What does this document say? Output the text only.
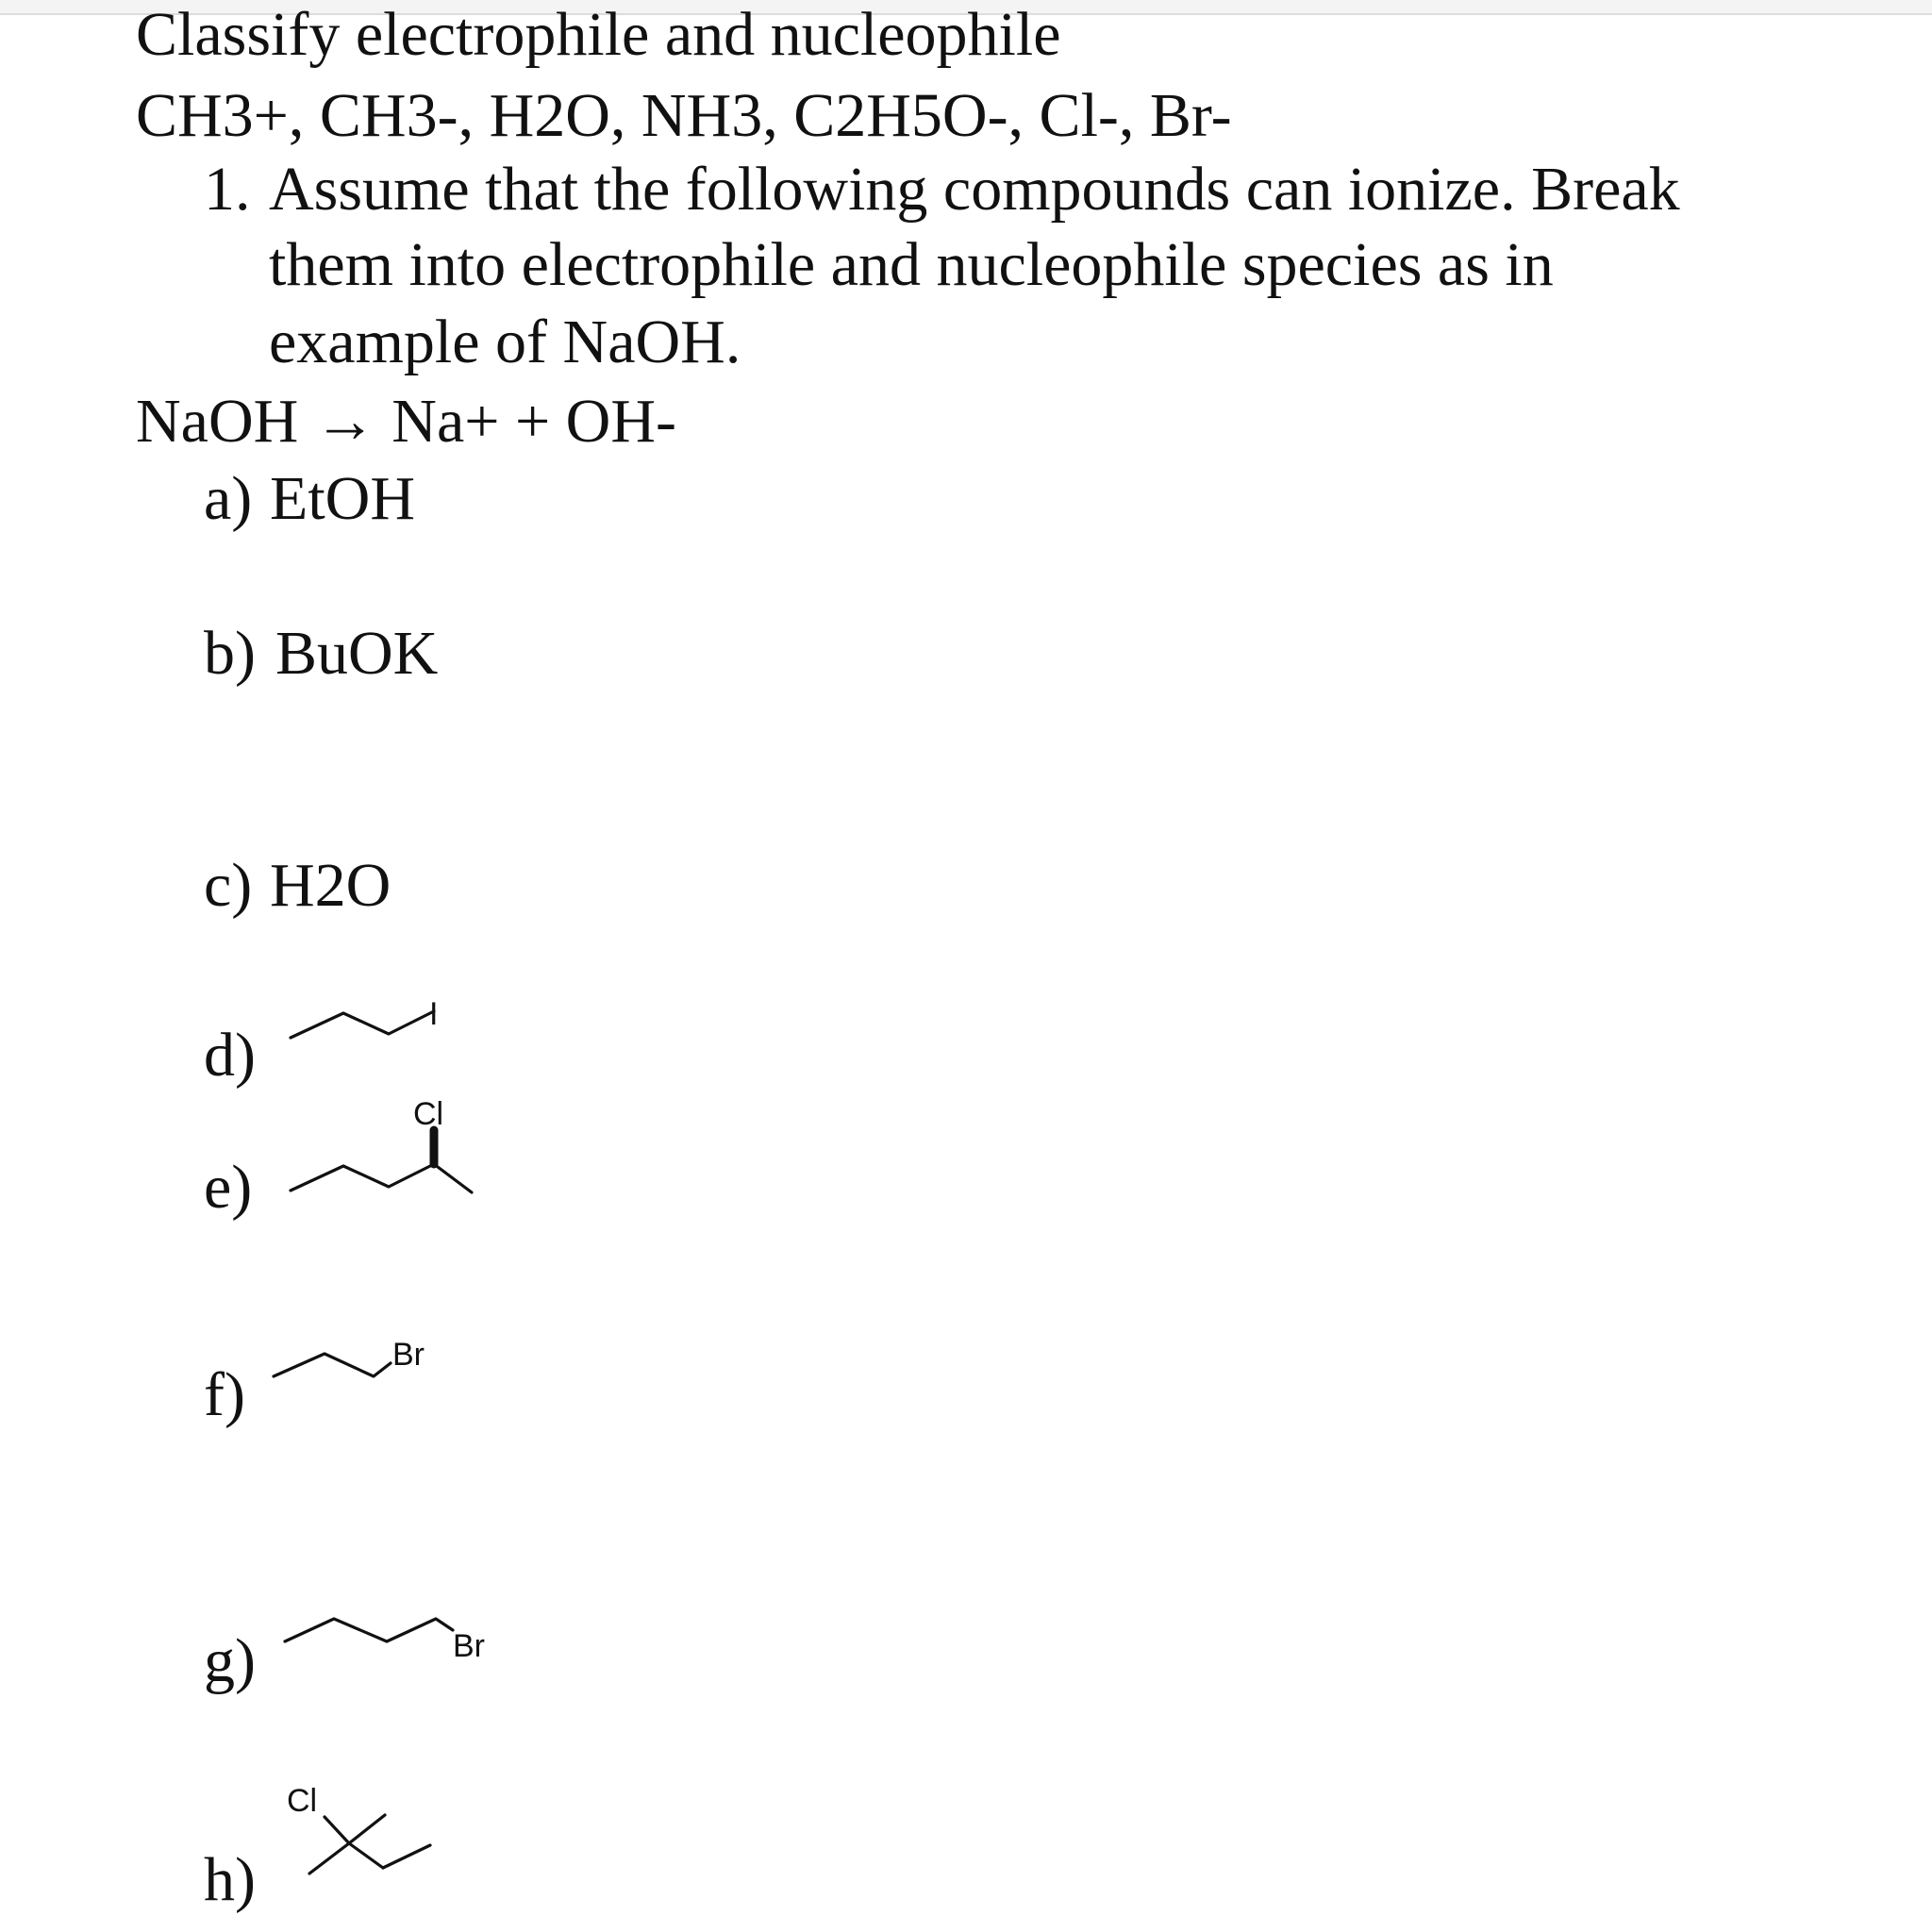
Classify electrophile and nucleophile
CH3+, CH3-, H2O, NH3, C2H5O-, Cl-, Br-
1. Assume that the following compounds can ionize. Break
them into electrophile and nucleophile species as in
example of NaOH.
NaOH → Na+ + OH-
a) EtOH
b) BuOK
c) H2O
d)
I
e)
Cl
f)
Br
g)	Br
h)
Cl
